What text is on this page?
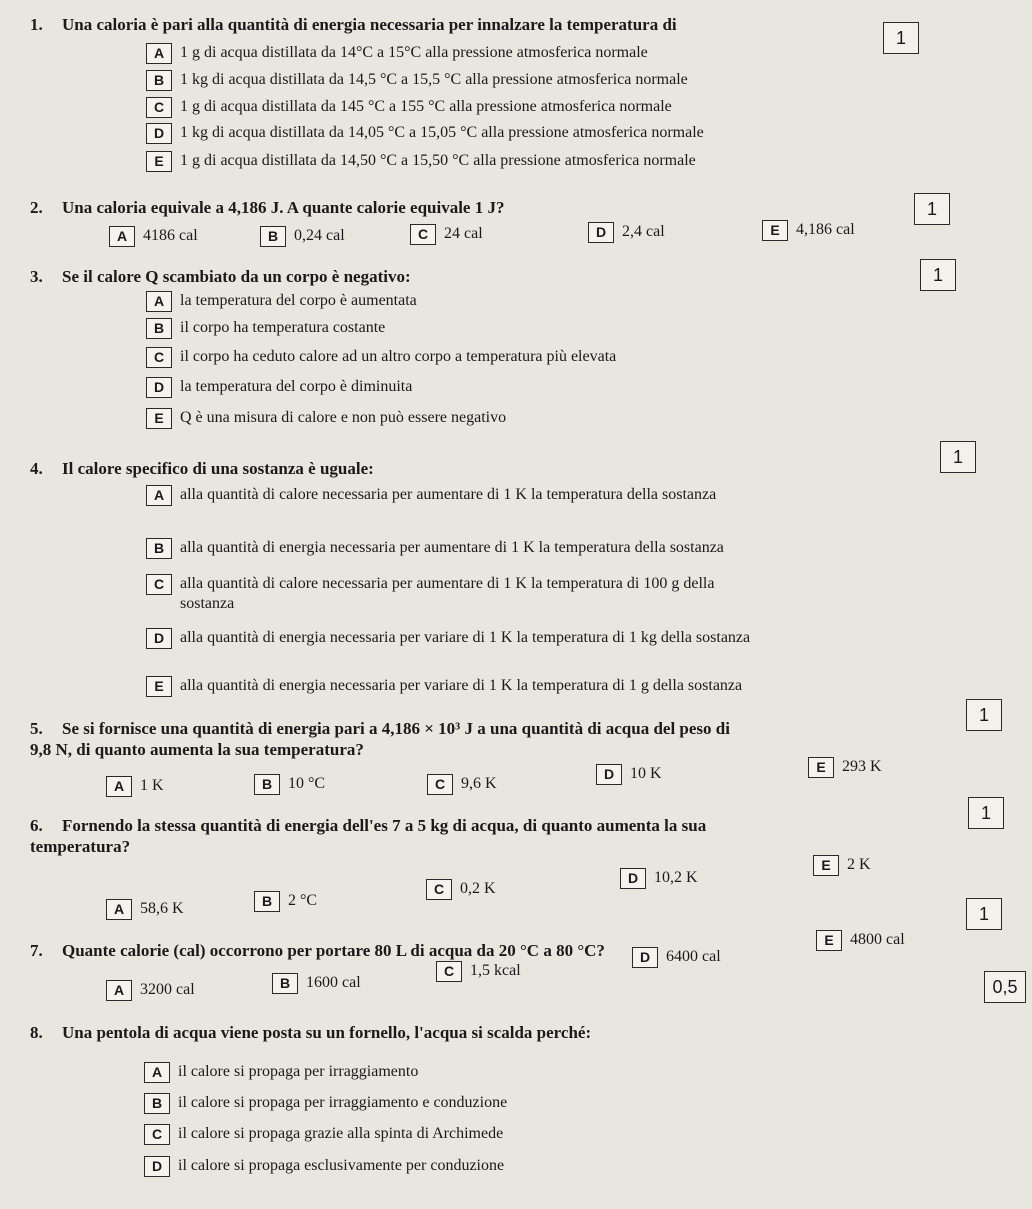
1. Una caloria è pari alla quantità di energia necessaria per innalzare la temperatura di
1
A 1 g di acqua distillata da 14°C a 15°C alla pressione atmosferica normale
B 1 kg di acqua distillata da 14,5 °C a 15,5 °C alla pressione atmosferica normale
C 1 g di acqua distillata da 145 °C a 155 °C alla pressione atmosferica normale
D 1 kg di acqua distillata da 14,05 °C a 15,05 °C alla pressione atmosferica normale
E	1 g di acqua distillata da 14,50 °C a 15,50 °C alla pressione atmosferica normale
2. Una caloria equivale a 4,186 J. A quante calorie equivale 1 J?	1
A 4186 cal	B 0,24 cal	C 24 cal	D 2,4 cal	E	4,186 cal
3. Se il calore Q scambiato da un corpo è negativo:	1
A la temperatura del corpo è aumentata
B il corpo ha temperatura costante
C il corpo ha ceduto calore ad un altro corpo a temperatura più elevata
D la temperatura del corpo è diminuita
E	Q è una misura di calore e non può essere negativo
4. Il calore specifico di una sostanza è uguale:
1
A alla quantità di calore necessaria per aumentare di 1 K la temperatura della sostanza
B alla quantità di energia necessaria per aumentare di 1 K la temperatura della sostanza
C alla quantità di calore necessaria per aumentare di 1 K la temperatura di 100 g della
sostanza
D alla quantità di energia necessaria per variare di 1 K la temperatura di 1 kg della sostanza
E	alla quantità di energia necessaria per variare di 1 K la temperatura di 1 g della sostanza
5. Se si fornisce una quantità di energia pari a 4,186 × 10³ J a una quantità di acqua del peso di
9,8 N, di quanto aumenta la sua temperatura?
1
A 1 K	B 10 °C	C 9,6 K
D 10 K	E	293 K
6. Fornendo la stessa quantità di energia dell'es 7 a 5 kg di acqua, di quanto aumenta la sua
temperatura?
1
A 58,6 K	B 2 °C
C 0,2 K
D 10,2 K
E	2 K
7. Quante calorie (cal) occorrono per portare 80 L di acqua da 20 °C a 80 °C?
1
A 3200 cal	B 1600 cal
C 1,5 kcal
D 6400 cal
E	4800 cal
8. Una pentola di acqua viene posta su un fornello, l'acqua si scalda perché:
0,5
A il calore si propaga per irraggiamento
B il calore si propaga per irraggiamento e conduzione
C il calore si propaga grazie alla spinta di Archimede
D il calore si propaga esclusivamente per conduzione
